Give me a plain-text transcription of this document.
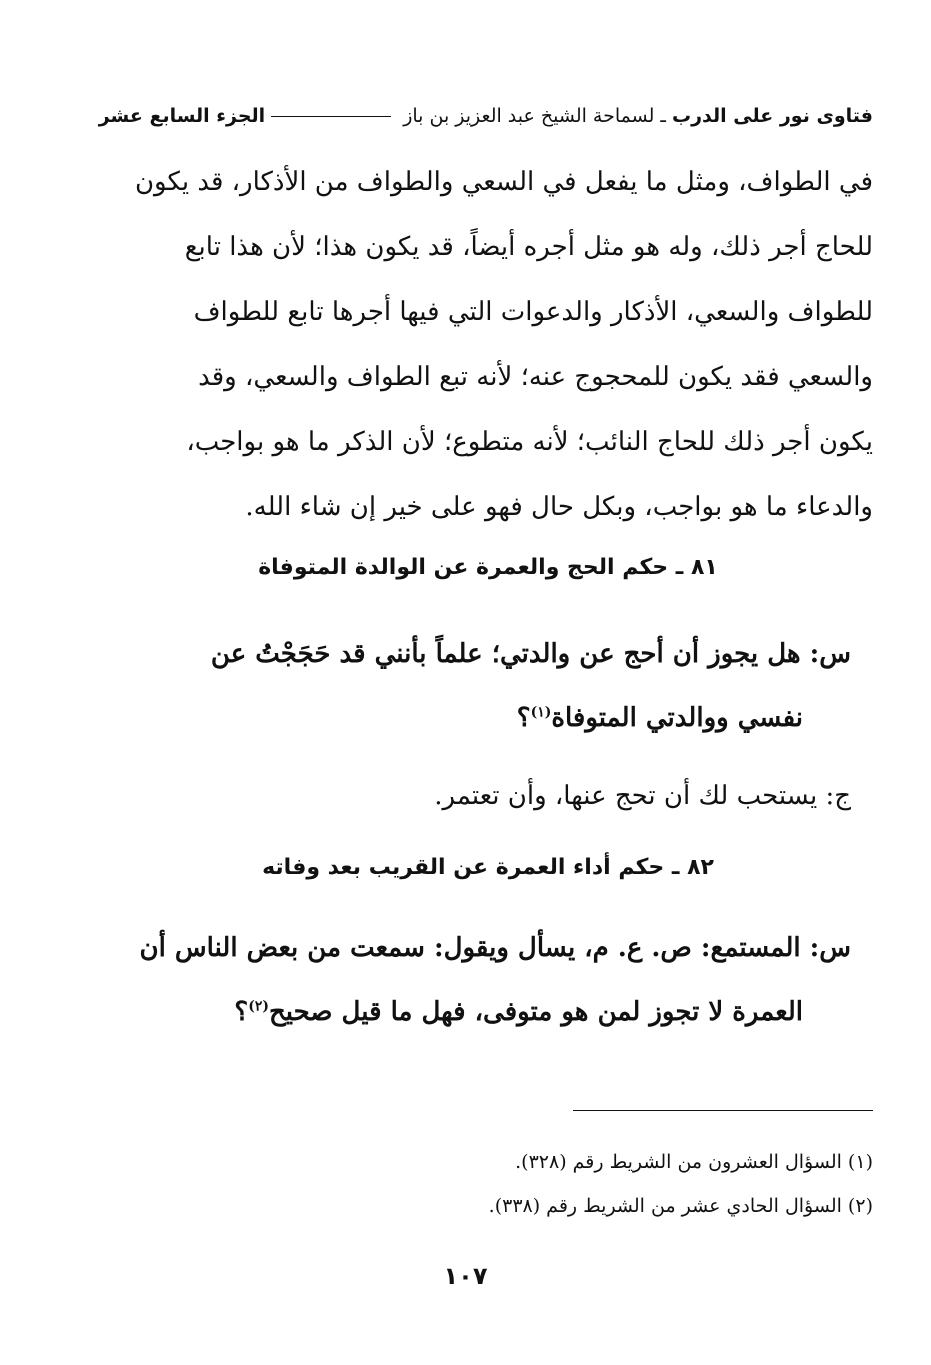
فتاوى نور على الدرب
ـ لسماحة الشيخ عبد العزيز بن باز
الجزء السابع عشر

في الطواف، ومثل ما يفعل في السعي والطواف من الأذكار، قد يكون

للحاج أجر ذلك، وله هو مثل أجره أيضاً، قد يكون هذا؛ لأن هذا تابع

للطواف والسعي، الأذكار والدعوات التي فيها أجرها تابع للطواف

والسعي فقد يكون للمحجوج عنه؛ لأنه تبع الطواف والسعي، وقد

يكون أجر ذلك للحاج النائب؛ لأنه متطوع؛ لأن الذكر ما هو بواجب،

والدعاء ما هو بواجب، وبكل حال فهو على خير إن شاء الله.

٨١ ـ حكم الحج والعمرة عن الوالدة المتوفاة
س: هل يجوز أن أحج عن والدتي؛ علماً بأنني قد حَجَجْتُ عن
نفسي ووالدتي المتوفاة$^{(١)}$؟
ج: يستحب لك أن تحج عنها، وأن تعتمر.
٨٢ ـ حكم أداء العمرة عن القريب بعد وفاته
س: المستمع: ص. ع. م، يسأل ويقول: سمعت من بعض الناس أن
العمرة لا تجوز لمن هو متوفى، فهل ما قيل صحيح$^{(٢)}$؟
(١) السؤال العشرون من الشريط رقم (٣٢٨).
(٢) السؤال الحادي عشر من الشريط رقم (٣٣٨).
١٠٧
